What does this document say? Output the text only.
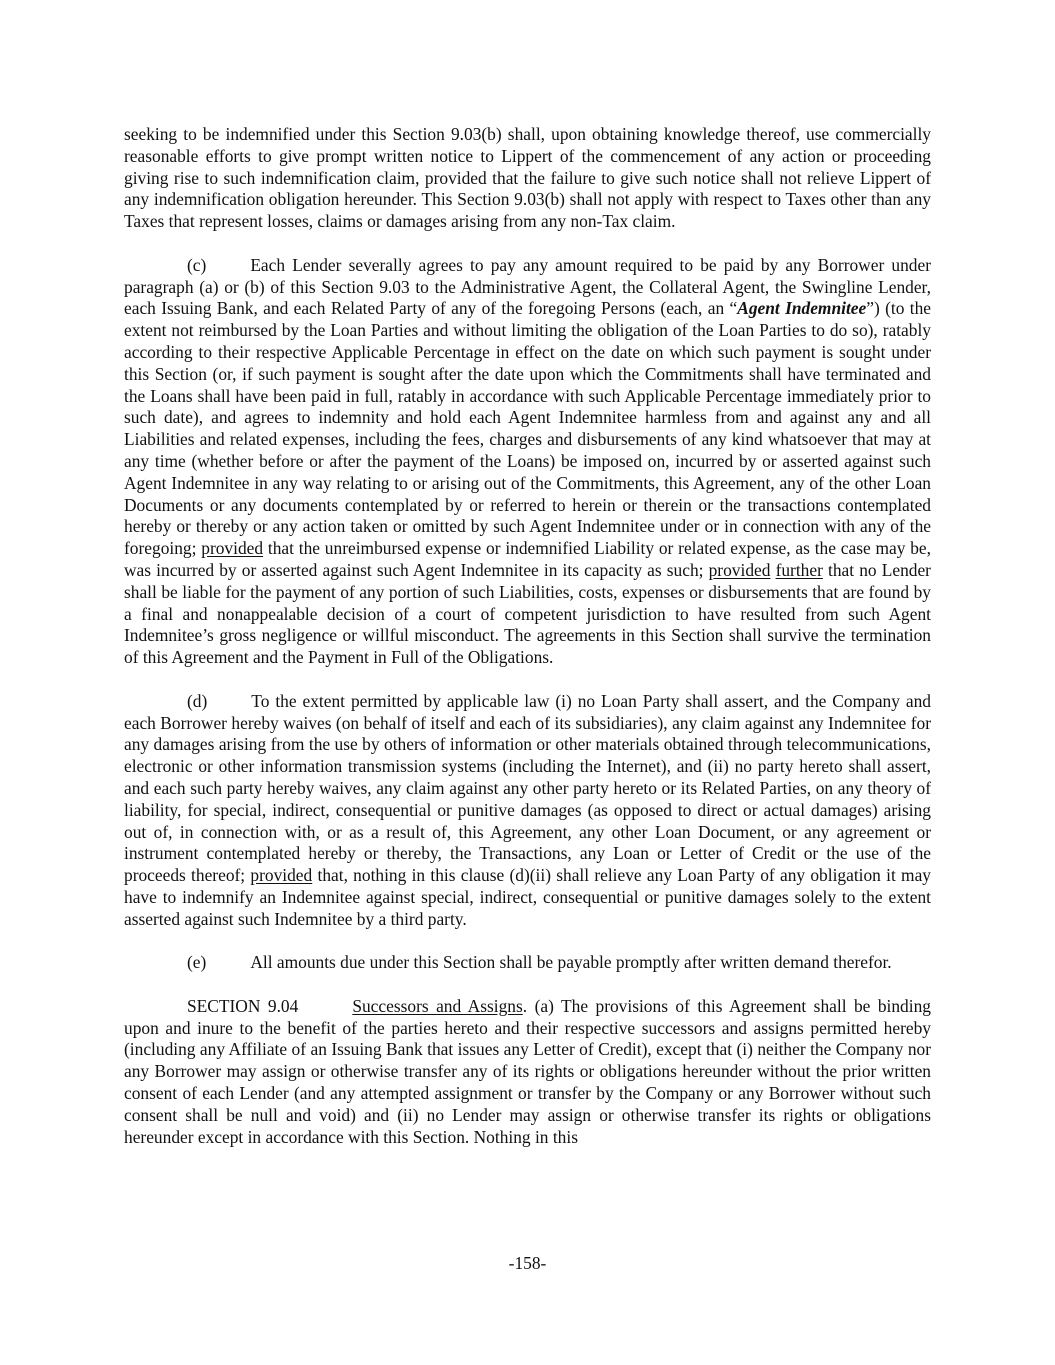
seeking to be indemnified under this Section 9.03(b) shall, upon obtaining knowledge thereof, use commercially reasonable efforts to give prompt written notice to Lippert of the commencement of any action or proceeding giving rise to such indemnification claim, provided that the failure to give such notice shall not relieve Lippert of any indemnification obligation hereunder. This Section 9.03(b) shall not apply with respect to Taxes other than any Taxes that represent losses, claims or damages arising from any non-Tax claim.

(c)	Each Lender severally agrees to pay any amount required to be paid by any Borrower under paragraph (a) or (b) of this Section 9.03 to the Administrative Agent, the Collateral Agent, the Swingline Lender, each Issuing Bank, and each Related Party of any of the foregoing Persons (each, an “Agent Indemnitee”) (to the extent not reimbursed by the Loan Parties and without limiting the obligation of the Loan Parties to do so), ratably according to their respective Applicable Percentage in effect on the date on which such payment is sought under this Section (or, if such payment is sought after the date upon which the Commitments shall have terminated and the Loans shall have been paid in full, ratably in accordance with such Applicable Percentage immediately prior to such date), and agrees to indemnity and hold each Agent Indemnitee harmless from and against any and all Liabilities and related expenses, including the fees, charges and disbursements of any kind whatsoever that may at any time (whether before or after the payment of the Loans) be imposed on, incurred by or asserted against such Agent Indemnitee in any way relating to or arising out of the Commitments, this Agreement, any of the other Loan Documents or any documents contemplated by or referred to herein or therein or the transactions contemplated hereby or thereby or any action taken or omitted by such Agent Indemnitee under or in connection with any of the foregoing; provided that the unreimbursed expense or indemnified Liability or related expense, as the case may be, was incurred by or asserted against such Agent Indemnitee in its capacity as such; provided further that no Lender shall be liable for the payment of any portion of such Liabilities, costs, expenses or disbursements that are found by a final and nonappealable decision of a court of competent jurisdiction to have resulted from such Agent Indemnitee’s gross negligence or willful misconduct. The agreements in this Section shall survive the termination of this Agreement and the Payment in Full of the Obligations.

(d)	To the extent permitted by applicable law (i) no Loan Party shall assert, and the Company and each Borrower hereby waives (on behalf of itself and each of its subsidiaries), any claim against any Indemnitee for any damages arising from the use by others of information or other materials obtained through telecommunications, electronic or other information transmission systems (including the Internet), and (ii) no party hereto shall assert, and each such party hereby waives, any claim against any other party hereto or its Related Parties, on any theory of liability, for special, indirect, consequential or punitive damages (as opposed to direct or actual damages) arising out of, in connection with, or as a result of, this Agreement, any other Loan Document, or any agreement or instrument contemplated hereby or thereby, the Transactions, any Loan or Letter of Credit or the use of the proceeds thereof; provided that, nothing in this clause (d)(ii) shall relieve any Loan Party of any obligation it may have to indemnify an Indemnitee against special, indirect, consequential or punitive damages solely to the extent asserted against such Indemnitee by a third party.

(e)	All amounts due under this Section shall be payable promptly after written demand therefor.

SECTION 9.04	Successors and Assigns. (a) The provisions of this Agreement shall be binding upon and inure to the benefit of the parties hereto and their respective successors and assigns permitted hereby (including any Affiliate of an Issuing Bank that issues any Letter of Credit), except that (i) neither the Company nor any Borrower may assign or otherwise transfer any of its rights or obligations hereunder without the prior written consent of each Lender (and any attempted assignment or transfer by the Company or any Borrower without such consent shall be null and void) and (ii) no Lender may assign or otherwise transfer its rights or obligations hereunder except in accordance with this Section. Nothing in this

-158-
